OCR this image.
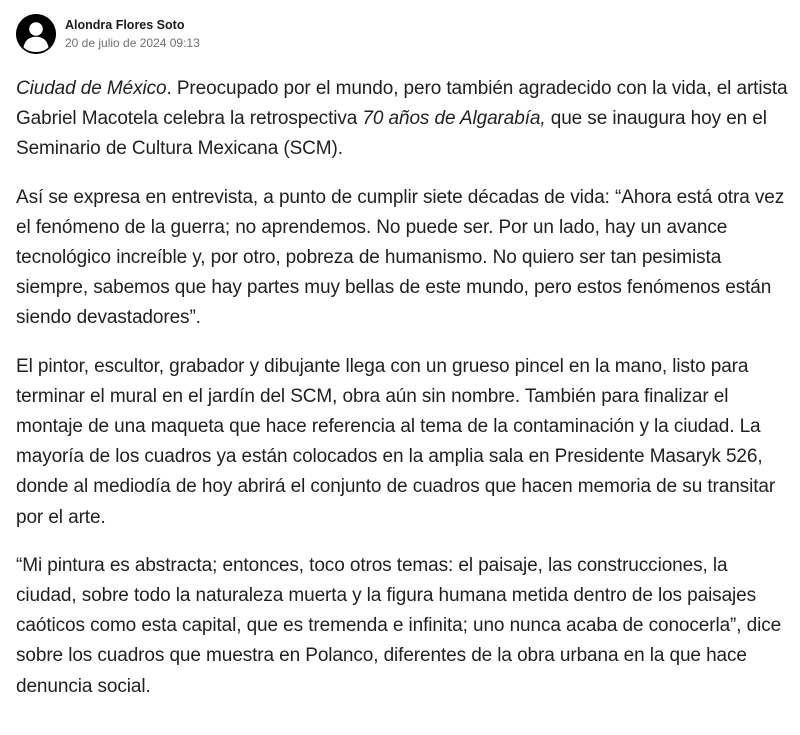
Alondra Flores Soto
20 de julio de 2024 09:13

Ciudad de México. Preocupado por el mundo, pero también agradecido con la vida, el artista Gabriel Macotela celebra la retrospectiva 70 años de Algarabía, que se inaugura hoy en el Seminario de Cultura Mexicana (SCM).

Así se expresa en entrevista, a punto de cumplir siete décadas de vida: “Ahora está otra vez el fenómeno de la guerra; no aprendemos. No puede ser. Por un lado, hay un avance tecnológico increíble y, por otro, pobreza de humanismo. No quiero ser tan pesimista siempre, sabemos que hay partes muy bellas de este mundo, pero estos fenómenos están siendo devastadores”.

El pintor, escultor, grabador y dibujante llega con un grueso pincel en la mano, listo para terminar el mural en el jardín del SCM, obra aún sin nombre. También para finalizar el montaje de una maqueta que hace referencia al tema de la contaminación y la ciudad. La mayoría de los cuadros ya están colocados en la amplia sala en Presidente Masaryk 526, donde al mediodía de hoy abrirá el conjunto de cuadros que hacen memoria de su transitar por el arte.

“Mi pintura es abstracta; entonces, toco otros temas: el paisaje, las construcciones, la ciudad, sobre todo la naturaleza muerta y la figura humana metida dentro de los paisajes caóticos como esta capital, que es tremenda e infinita; uno nunca acaba de conocerla”, dice sobre los cuadros que muestra en Polanco, diferentes de la obra urbana en la que hace denuncia social.
